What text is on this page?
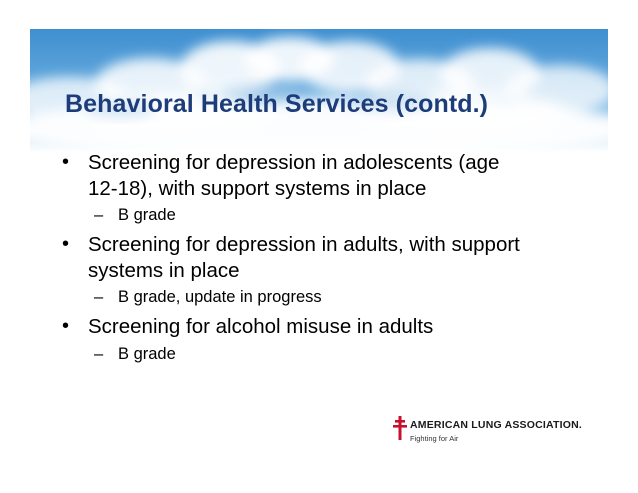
Behavioral Health Services (contd.)
• Screening for depression in adolescents (age
12-18), with support systems in place
– B grade
• Screening for depression in adults, with support
systems in place
– B grade, update in progress
• Screening for alcohol misuse in adults
– B grade
AMERICAN LUNG ASSOCIATION.
Fighting for Air
